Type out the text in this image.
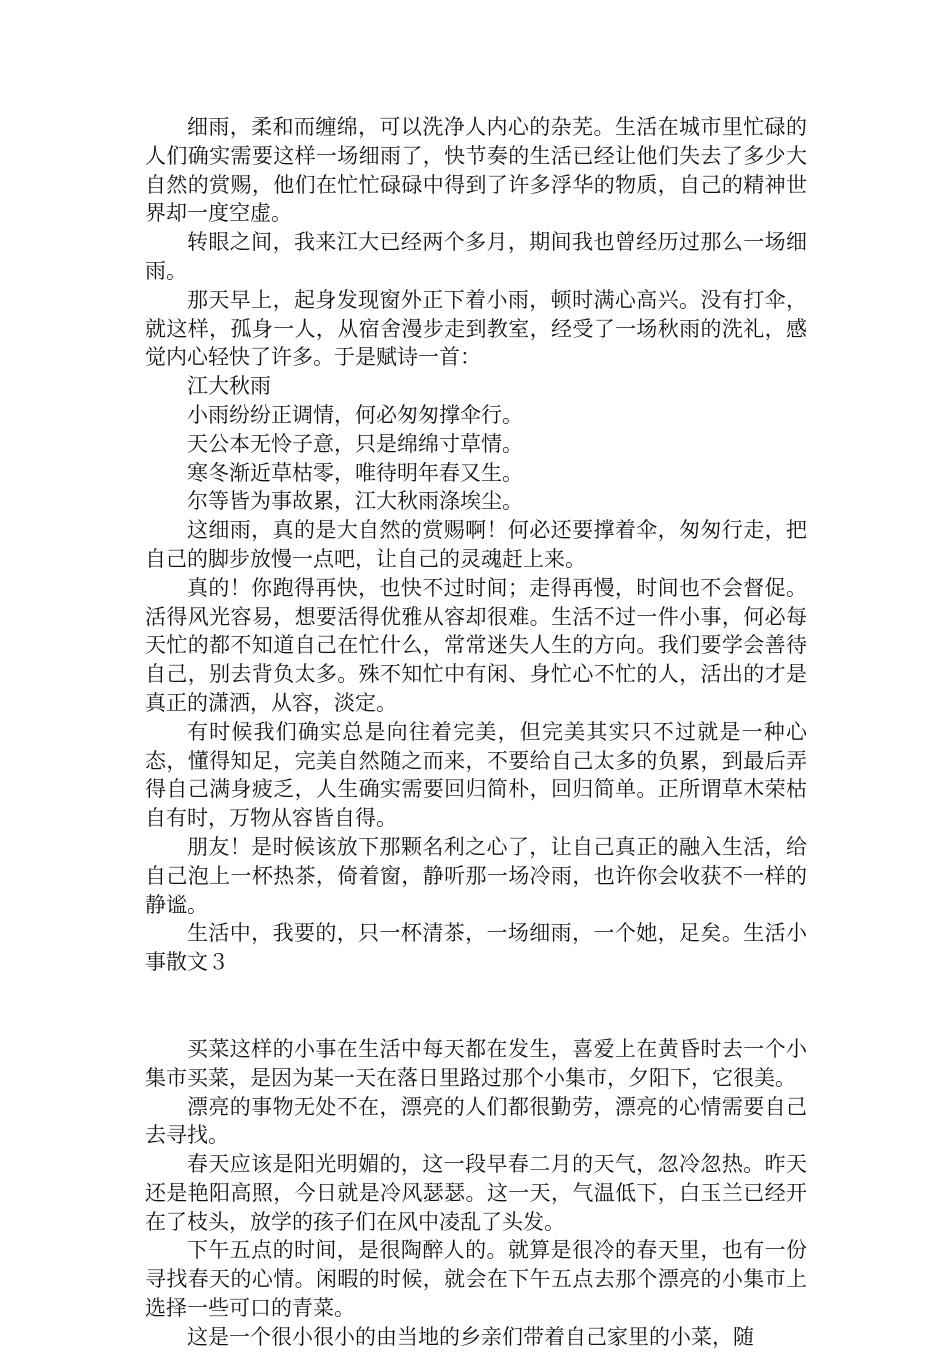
细雨，柔和而缠绵，可以洗净人内心的杂芜。生活在城市里忙碌的人们确实需要这样一场细雨了，快节奏的生活已经让他们失去了多少大自然的赏赐，他们在忙忙碌碌中得到了许多浮华的物质，自己的精神世界却一度空虚。

转眼之间，我来江大已经两个多月，期间我也曾经历过那么一场细雨。

那天早上，起身发现窗外正下着小雨，顿时满心高兴。没有打伞，就这样，孤身一人，从宿舍漫步走到教室，经受了一场秋雨的洗礼，感觉内心轻快了许多。于是赋诗一首：

江大秋雨

小雨纷纷正调情，何必匆匆撑伞行。

天公本无怜子意，只是绵绵寸草情。

寒冬渐近草枯零，唯待明年春又生。

尔等皆为事故累，江大秋雨涤埃尘。

这细雨，真的是大自然的赏赐啊！何必还要撑着伞，匆匆行走，把自己的脚步放慢一点吧，让自己的灵魂赶上来。

真的！你跑得再快，也快不过时间；走得再慢，时间也不会督促。活得风光容易，想要活得优雅从容却很难。生活不过一件小事，何必每天忙的都不知道自己在忙什么，常常迷失人生的方向。我们要学会善待自己，别去背负太多。殊不知忙中有闲、身忙心不忙的人，活出的才是真正的潇洒，从容，淡定。

有时候我们确实总是向往着完美，但完美其实只不过就是一种心态，懂得知足，完美自然随之而来，不要给自己太多的负累，到最后弄得自己满身疲乏，人生确实需要回归简朴，回归简单。正所谓草木荣枯自有时，万物从容皆自得。

朋友！是时候该放下那颗名利之心了，让自己真正的融入生活，给自己泡上一杯热茶，倚着窗，静听那一场冷雨，也许你会收获不一样的静谧。

生活中，我要的，只一杯清茶，一场细雨，一个她，足矣。生活小事散文３

买菜这样的小事在生活中每天都在发生，喜爱上在黄昏时去一个小集市买菜，是因为某一天在落日里路过那个小集市，夕阳下，它很美。

漂亮的事物无处不在，漂亮的人们都很勤劳，漂亮的心情需要自己去寻找。

春天应该是阳光明媚的，这一段早春二月的天气，忽冷忽热。昨天还是艳阳高照，今日就是冷风瑟瑟。这一天，气温低下，白玉兰已经开在了枝头，放学的孩子们在风中凌乱了头发。

下午五点的时间，是很陶醉人的。就算是很冷的春天里，也有一份寻找春天的心情。闲暇的时候，就会在下午五点去那个漂亮的小集市上选择一些可口的青菜。

这是一个很小很小的由当地的乡亲们带着自己家里的小菜，随
